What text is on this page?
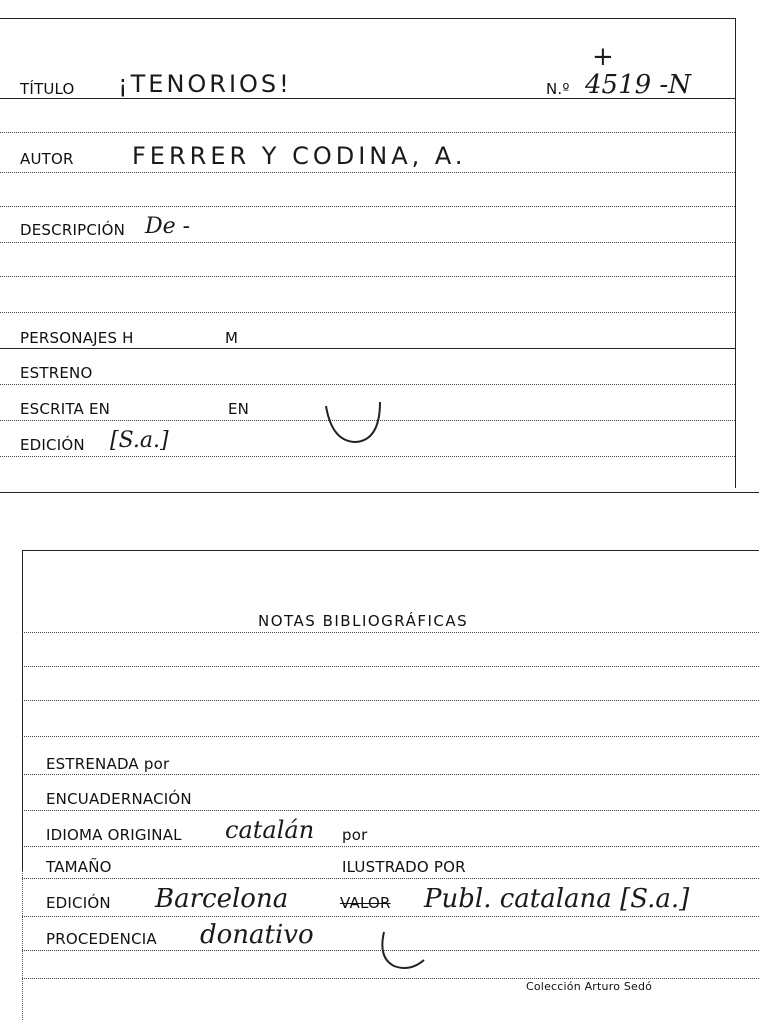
TÍTULO ¡TENORIOS!	N.º 4519 -N
+
AUTOR FERRER Y CODINA, A.
DESCRIPCIÓN De -
PERSONAJES H	M
ESTRENO
ESCRITA EN	EN
EDICIÓN [S.a.]
NOTAS BIBLIOGRÁFICAS
ESTRENADA por
ENCUADERNACIÓN
IDIOMA ORIGINAL catalán por
TAMAÑO	ILUSTRADO POR
EDICIÓN Barcelona	VALOR Publ. catalana [S.a.]
PROCEDENCIA donativo
Colección Arturo Sedó
